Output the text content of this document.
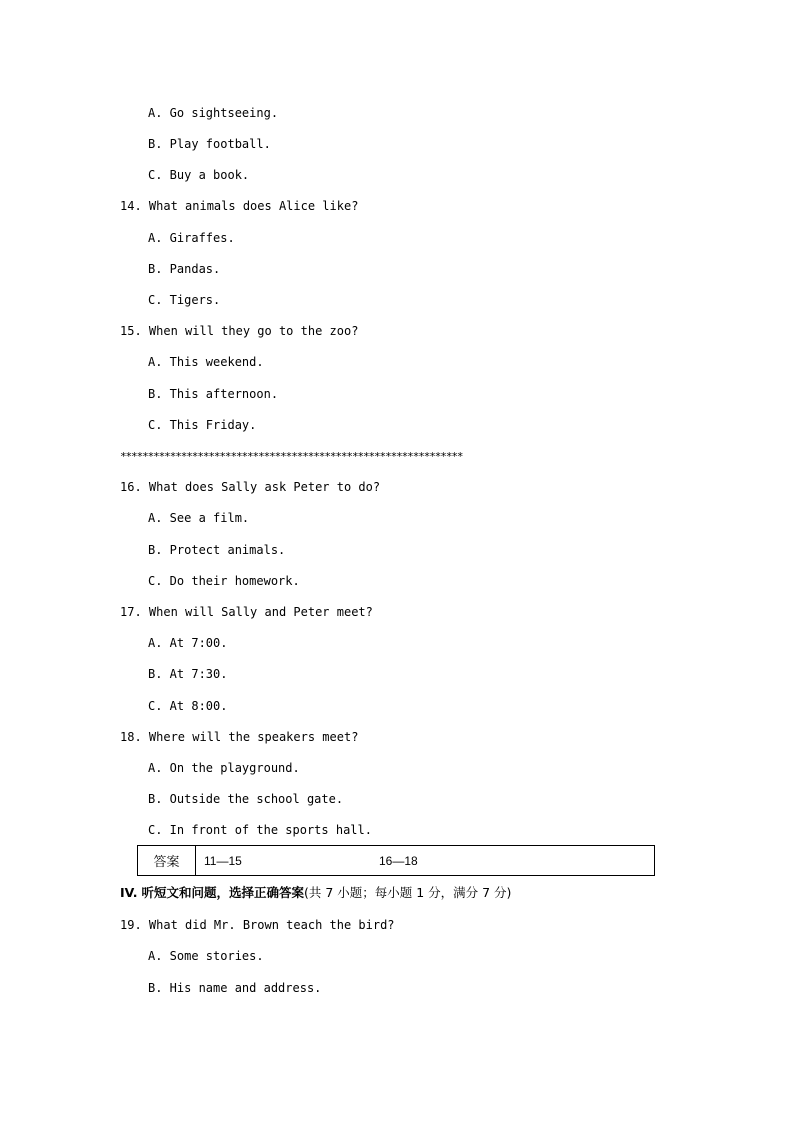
A. Go sightseeing.
B. Play football.
C. Buy a book.
14. What animals does Alice like?
A. Giraffes.
B. Pandas.
C. Tigers.
15. When will they go to the zoo?
A. This weekend.
B. This afternoon.
C. This Friday.
**************************************************************
16. What does Sally ask Peter to do?
A. See a film.
B. Protect animals.
C. Do their homework.
17. When will Sally and Peter meet?
A. At 7:00.
B. At 7:30.
C. At 8:00.
18. Where will the speakers meet?
A. On the playground.
B. Outside the school gate.
C. In front of the sports hall.
答案	11—15	16—18
IV. 听短文和问题，选择正确答案(共 7 小题；每小题 1 分，满分 7 分)
19. What did Mr. Brown teach the bird?
A. Some stories.
B. His name and address.
